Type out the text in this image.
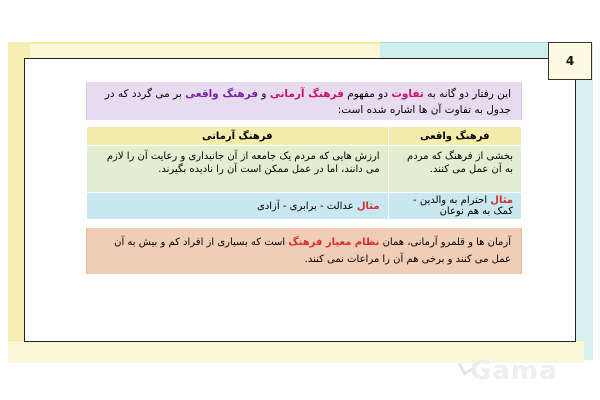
4
این رفتار دو گانه به تفاوت دو مفهوم فرهنگ آرمانی و فرهنگ واقعی بر می گردد که در جدول به تفاوت آن ها اشاره شده است:
فرهنگ آرمانی	فرهنگ واقعی
ارزش هایی که مردم یک جامعه از آن جانبداری و رعایت آن را لازم می دانند، اما در عمل ممکن است آن را نادیده بگیرند.	بخشی از فرهنگ که مردم به آن عمل می کنند.
مثال عدالت - برابری - آزادی	مثال احترام به والدین - کمک به هم نوعان
آرمان ها و قلمرو آرمانی، همان نظام معیار فرهنگ است که بسیاری از افراد کم و بیش به آن عمل می کنند و برخی هم آن را مراعات نمی کنند.
Gama
